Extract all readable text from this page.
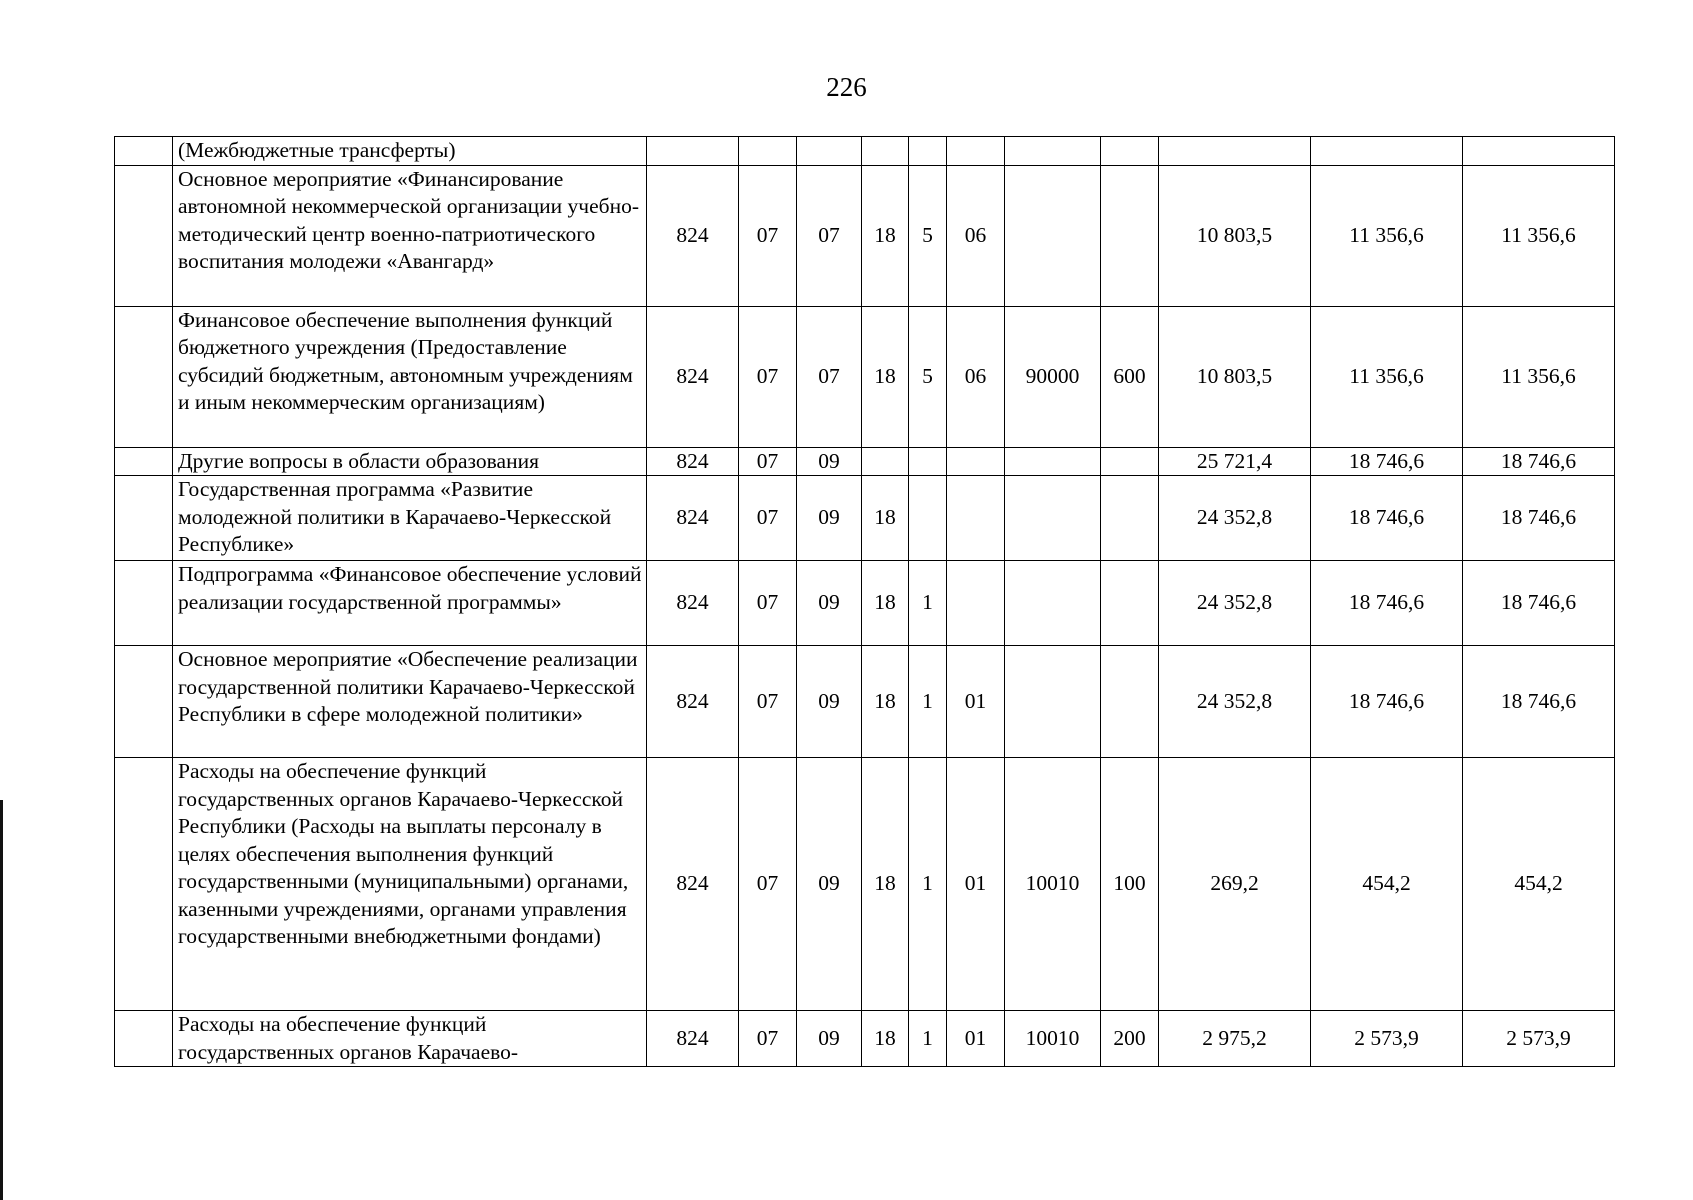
226
	(Межбюджетные трансферты)											
	Основное мероприятие «Финансирование автономной некоммерческой организации учебно-методический центр военно-патриотического воспитания молодежи «Авангард»	824	07	07	18	5	06			10 803,5	11 356,6	11 356,6
	Финансовое обеспечение выполнения функций бюджетного учреждения (Предоставление субсидий бюджетным, автономным учреждениям и иным некоммерческим организациям)	824	07	07	18	5	06	90000	600	10 803,5	11 356,6	11 356,6
	Другие вопросы в области образования	824	07	09						25 721,4	18 746,6	18 746,6
	Государственная программа «Развитие молодежной политики в Карачаево-Черкесской Республике»	824	07	09	18					24 352,8	18 746,6	18 746,6
	Подпрограмма «Финансовое обеспечение условий реализации государственной программы»	824	07	09	18	1				24 352,8	18 746,6	18 746,6
	Основное мероприятие «Обеспечение реализации государственной политики Карачаево-Черкесской Республики в сфере молодежной политики»	824	07	09	18	1	01			24 352,8	18 746,6	18 746,6
	Расходы на обеспечение функций государственных органов Карачаево-Черкесской Республики (Расходы на выплаты персоналу в целях обеспечения выполнения функций государственными (муниципальными) органами, казенными учреждениями, органами управления государственными внебюджетными фондами)	824	07	09	18	1	01	10010	100	269,2	454,2	454,2
	Расходы на обеспечение функций государственных органов Карачаево-	824	07	09	18	1	01	10010	200	2 975,2	2 573,9	2 573,9
